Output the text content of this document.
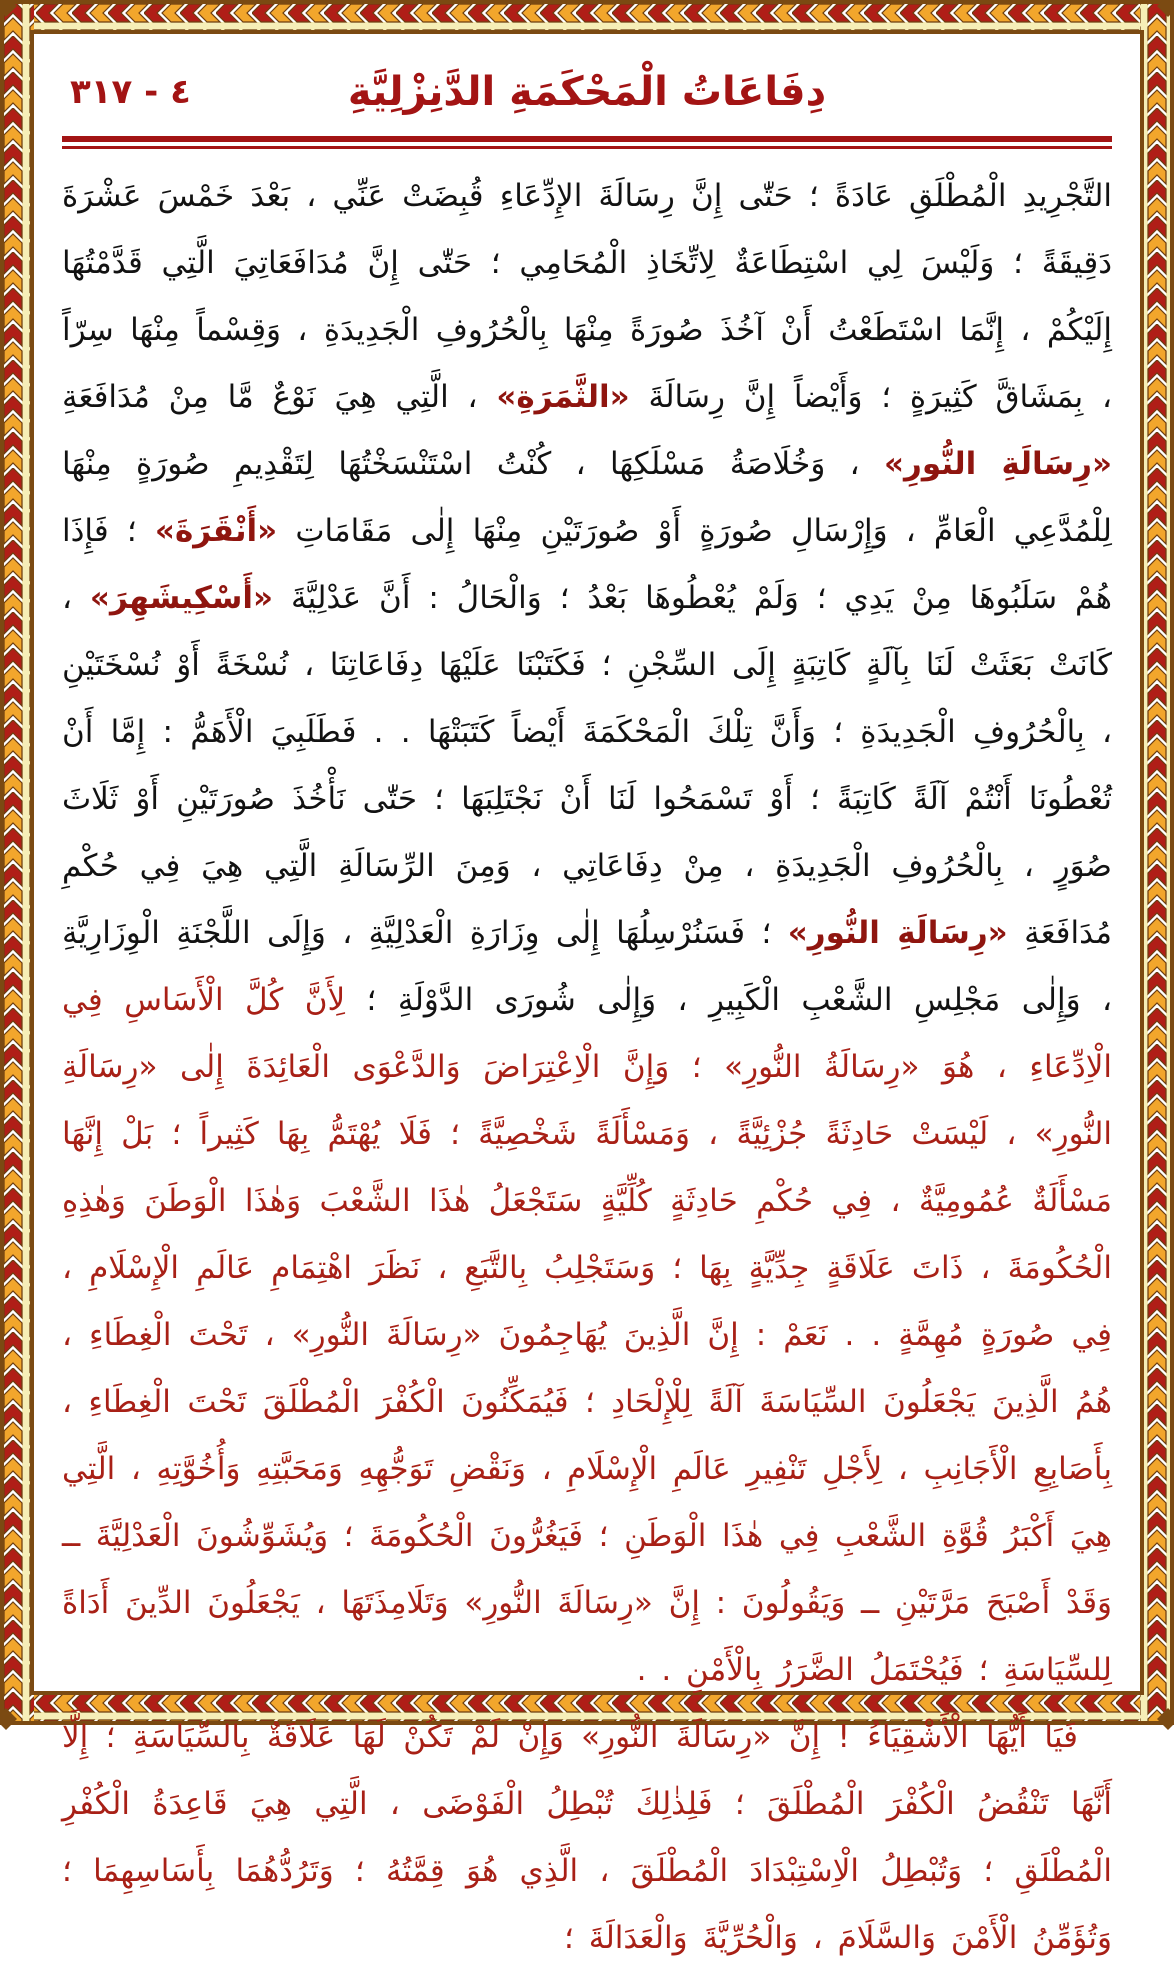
٤ - ٣١٧	دِفَاعَاتُ الْمَحْكَمَةِ الدَّنِزْلِيَّةِ

التَّجْرِيدِ الْمُطْلَقِ عَادَةً ؛ حَتّٰى إِنَّ رِسَالَةَ الإِدِّعَاءِ قُبِضَتْ عَنِّي ، بَعْدَ خَمْسَ عَشْرَةَ دَقِيقَةً ؛ وَلَيْسَ لِي اسْتِطَاعَةٌ لِاتِّخَاذِ الْمُحَامِي ؛ حَتّٰى إِنَّ مُدَافَعَاتِيَ الَّتِي قَدَّمْتُهَا إِلَيْكُمْ ، إِنَّمَا اسْتَطَعْتُ أَنْ آخُذَ صُورَةً مِنْهَا بِالْحُرُوفِ الْجَدِيدَةِ ، وَقِسْماً مِنْهَا سِرّاً ، بِمَشَاقَّ كَثِيرَةٍ ؛ وَأَيْضاً إِنَّ رِسَالَةَ «الثَّمَرَةِ» ، الَّتِي هِيَ نَوْعٌ مَّا مِنْ مُدَافَعَةِ «رِسَالَةِ النُّورِ» ، وَخُلَاصَةُ مَسْلَكِهَا ، كُنْتُ اسْتَنْسَخْتُهَا لِتَقْدِيمِ صُورَةٍ مِنْهَا لِلْمُدَّعِي الْعَامِّ ، وَإِرْسَالِ صُورَةٍ أَوْ صُورَتَيْنِ مِنْهَا إِلٰى مَقَامَاتِ «أَنْقَرَةَ» ؛ فَإِذَا هُمْ سَلَبُوهَا مِنْ يَدِي ؛ وَلَمْ يُعْطُوهَا بَعْدُ ؛ وَالْحَالُ : أَنَّ عَدْلِيَّةَ «أَسْكِيشَهِرَ» ، كَانَتْ بَعَثَتْ لَنَا بِآلَةٍ كَاتِبَةٍ إِلَى السِّجْنِ ؛ فَكَتَبْنَا عَلَيْهَا دِفَاعَاتِنَا ، نُسْخَةً أَوْ نُسْخَتَيْنِ ، بِالْحُرُوفِ الْجَدِيدَةِ ؛ وَأَنَّ تِلْكَ الْمَحْكَمَةَ أَيْضاً كَتَبَتْهَا . . فَطَلَبِيَ الْأَهَمُّ : إِمَّا أَنْ تُعْطُونَا أَنْتُمْ آلَةً كَاتِبَةً ؛ أَوْ تَسْمَحُوا لَنَا أَنْ نَجْتَلِبَهَا ؛ حَتّٰى نَأْخُذَ صُورَتَيْنِ أَوْ ثَلَاثَ صُوَرٍ ، بِالْحُرُوفِ الْجَدِيدَةِ ، مِنْ دِفَاعَاتِي ، وَمِنَ الرِّسَالَةِ الَّتِي هِيَ فِي حُكْمِ مُدَافَعَةِ «رِسَالَةِ النُّورِ» ؛ فَسَنُرْسِلُهَا إِلٰى وِزَارَةِ الْعَدْلِيَّةِ ، وَإِلَى اللَّجْنَةِ الْوِزَارِيَّةِ ، وَإِلٰى مَجْلِسِ الشَّعْبِ الْكَبِيرِ ، وَإِلٰى شُورَى الدَّوْلَةِ ؛ لِأَنَّ كُلَّ الْأَسَاسِ فِي الْاِدِّعَاءِ ، هُوَ «رِسَالَةُ النُّورِ» ؛ وَإِنَّ الْاِعْتِرَاضَ وَالدَّعْوَى الْعَائِدَةَ إِلٰى «رِسَالَةِ النُّورِ» ، لَيْسَتْ حَادِثَةً جُزْئِيَّةً ، وَمَسْأَلَةً شَخْصِيَّةً ؛ فَلَا يُهْتَمُّ بِهَا كَثِيراً ؛ بَلْ إِنَّهَا مَسْأَلَةٌ عُمُومِيَّةٌ ، فِي حُكْمِ حَادِثَةٍ كُلِّيَّةٍ سَتَجْعَلُ هٰذَا الشَّعْبَ وَهٰذَا الْوَطَنَ وَهٰذِهِ الْحُكُومَةَ ، ذَاتَ عَلَاقَةٍ جِدِّيَّةٍ بِهَا ؛ وَسَتَجْلِبُ بِالتَّبَعِ ، نَظَرَ اهْتِمَامِ عَالَمِ الْإِسْلَامِ ، فِي صُورَةٍ مُهِمَّةٍ . . نَعَمْ : إِنَّ الَّذِينَ يُهَاجِمُونَ «رِسَالَةَ النُّورِ» ، تَحْتَ الْغِطَاءِ ، هُمُ الَّذِينَ يَجْعَلُونَ السِّيَاسَةَ آلَةً لِلْإِلْحَادِ ؛ فَيُمَكِّنُونَ الْكُفْرَ الْمُطْلَقَ تَحْتَ الْغِطَاءِ ، بِأَصَابِعِ الْأَجَانِبِ ، لِأَجْلِ تَنْفِيرِ عَالَمِ الْإِسْلَامِ ، وَنَقْضِ تَوَجُّهِهِ وَمَحَبَّتِهِ وَأُخُوَّتِهِ ، الَّتِي هِيَ أَكْبَرُ قُوَّةِ الشَّعْبِ فِي هٰذَا الْوَطَنِ ؛ فَيَغُرُّونَ الْحُكُومَةَ ؛ وَيُشَوِّشُونَ الْعَدْلِيَّةَ ــ وَقَدْ أَصْبَحَ مَرَّتَيْنِ ــ وَيَقُولُونَ : إِنَّ «رِسَالَةَ النُّورِ» وَتَلَامِذَتَهَا ، يَجْعَلُونَ الدِّينَ أَدَاةً لِلسِّيَاسَةِ ؛ فَيُحْتَمَلُ الضَّرَرُ بِالْأَمْنِ . .

فَيَا أَيُّهَا الْأَشْقِيَاءُ ! إِنَّ «رِسَالَةَ النُّورِ» وَإِنْ لَمْ تَكُنْ لَهَا عَلَاقَةٌ بِالسِّيَاسَةِ ؛ إِلَّا أَنَّهَا تَنْقُضُ الْكُفْرَ الْمُطْلَقَ ؛ فَلِذٰلِكَ تُبْطِلُ الْفَوْضَى ، الَّتِي هِيَ قَاعِدَةُ الْكُفْرِ الْمُطْلَقِ ؛ وَتُبْطِلُ الْاِسْتِبْدَادَ الْمُطْلَقَ ، الَّذِي هُوَ قِمَّتُهُ ؛ وَتَرُدُّهُمَا بِأَسَاسِهِمَا ؛ وَتُؤَمِّنُ الْأَمْنَ وَالسَّلَامَ ، وَالْحُرِّيَّةَ وَالْعَدَالَةَ ؛
